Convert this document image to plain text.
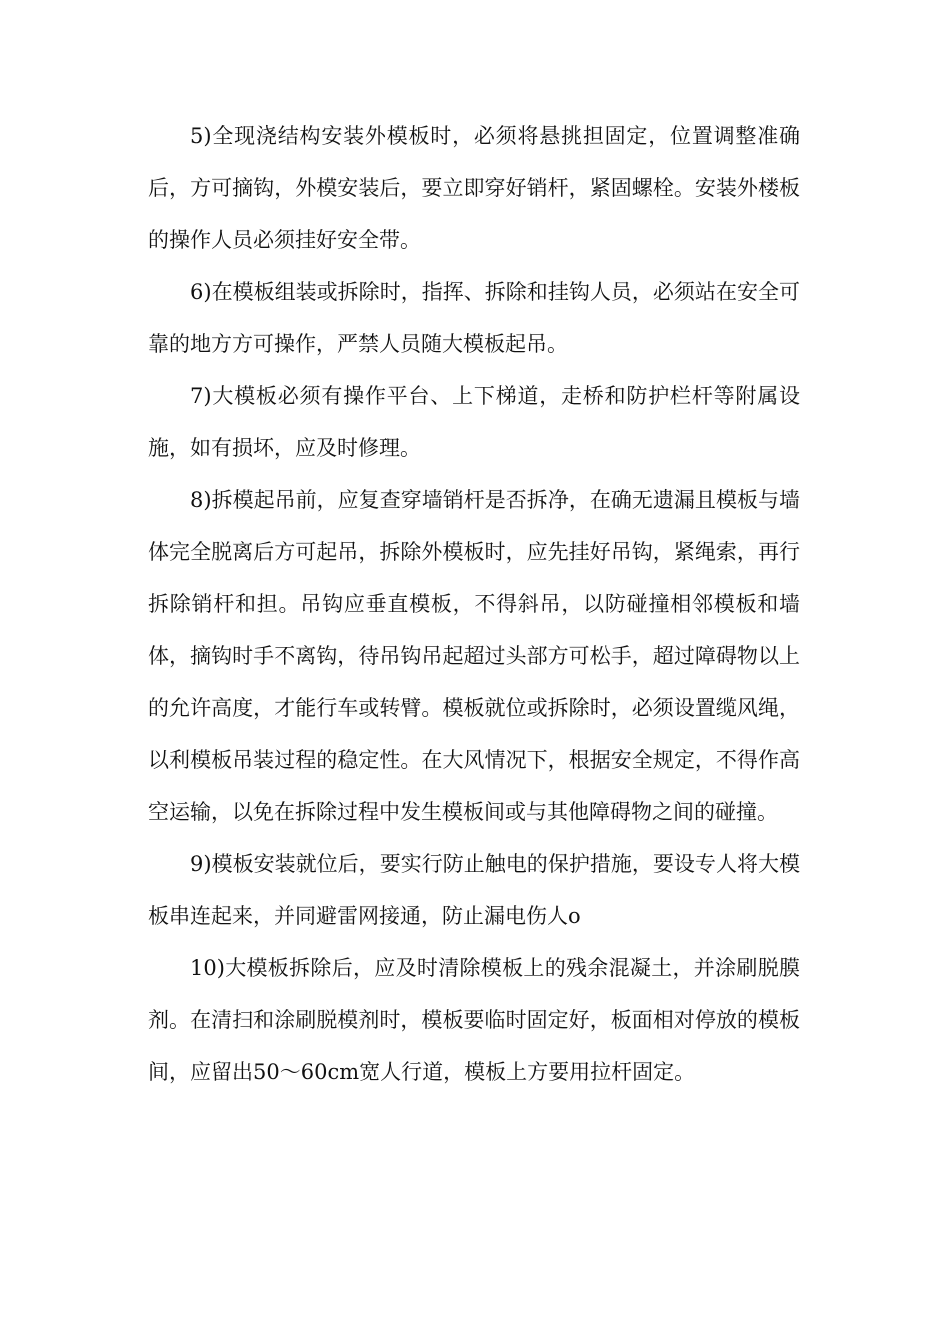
5)全现浇结构安装外模板时，必须将悬挑担固定，位置调整准确后，方可摘钩，外模安装后，要立即穿好销杆，紧固螺栓。安装外楼板的操作人员必须挂好安全带。

6)在模板组装或拆除时，指挥、拆除和挂钩人员，必须站在安全可靠的地方方可操作，严禁人员随大模板起吊。

7)大模板必须有操作平台、上下梯道，走桥和防护栏杆等附属设施，如有损坏，应及时修理。

8)拆模起吊前，应复查穿墙销杆是否拆净，在确无遗漏且模板与墙体完全脱离后方可起吊，拆除外模板时，应先挂好吊钩，紧绳索，再行拆除销杆和担。吊钩应垂直模板，不得斜吊，以防碰撞相邻模板和墙体，摘钩时手不离钩，待吊钩吊起超过头部方可松手，超过障碍物以上的允许高度，才能行车或转臂。模板就位或拆除时，必须设置缆风绳，以利模板吊装过程的稳定性。在大风情况下，根据安全规定，不得作高空运输，以免在拆除过程中发生模板间或与其他障碍物之间的碰撞。

9)模板安装就位后，要实行防止触电的保护措施，要设专人将大模板串连起来，并同避雷网接通，防止漏电伤人o

10)大模板拆除后，应及时清除模板上的残余混凝土，并涂刷脱膜剂。在清扫和涂刷脱模剂时，模板要临时固定好，板面相对停放的模板间，应留出50～60cm宽人行道，模板上方要用拉杆固定。
